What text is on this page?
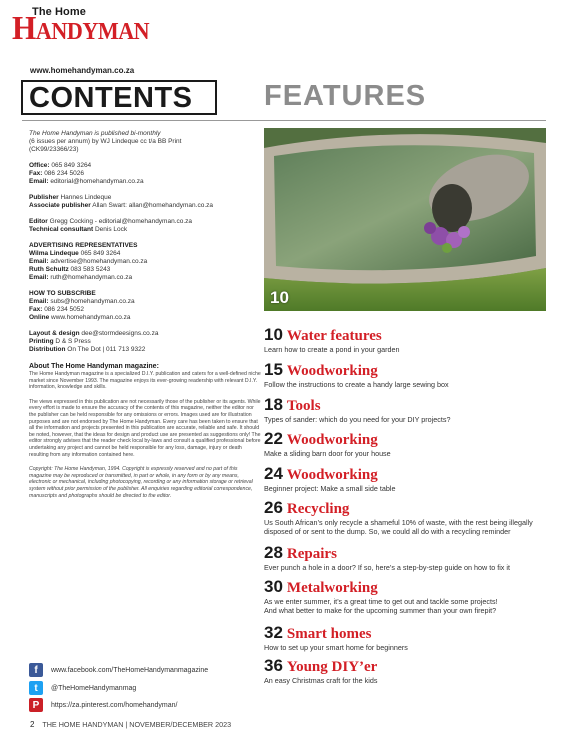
The Home
HANDYMAN
www.homehandyman.co.za
CONTENTS FEATURES

The Home Handyman is published bi-monthly

(6 issues per annum) by WJ Lindeque cc t/a BB Print

(CK99/23366/23)

Office: 065 849 3264

Fax: 086 234 5026

Email: editorial@homehandyman.co.za

Publisher Hannes Lindeque

Associate publisher Allan Swart: allan@homehandyman.co.za

Editor Gregg Cocking - editorial@homehandyman.co.za

Technical consultant Denis Lock

ADVERTISING REPRESENTATIVES

Wilma Lindeque 065 849 3264

Email: advertise@homehandyman.co.za

Ruth Schultz 083 583 5243

Email: ruth@homehandyman.co.za

HOW TO SUBSCRIBE

Email: subs@homehandyman.co.za

Fax: 086 234 5052

Online www.homehandyman.co.za

Layout & design dee@stormdeesigns.co.za

Printing D & S Press

Distribution On The Dot | 011 713 9322

About The Home Handyman magazine:

The Home Handyman magazine is a specialized D.I.Y. publication and caters for a well-defined niche market since November 1993. The magazine enjoys its ever-growing readership with relevant D.I.Y. information, knowledge and skills.

The views expressed in this publication are not necessarily those of the publisher or its agents. While every effort is made to ensure the accuracy of the contents of this magazine, neither the editor nor the publisher can be held responsible for any omissions or errors. Images used are for illustration purposes and are not endorsed by The Home Handyman. Every care has been taken to ensure that all the information and projects presented in this publication are accurate, reliable and safe. It should be noted, however, that the ideas for design and product use are presented as suggestions only! The editor strongly advises that the reader check local by-laws and consult a qualified professional before undertaking any project and cannot be held responsible for any loss, damage, injury or death resulting from any information contained here.

Copyright: The Home Handyman, 1994. Copyright is expressly reserved and no part of this magazine may be reproduced or transmitted, in part or whole, in any form or by any means, electronic or mechanical, including photocopying, recording or any information storage or retrieval system without prior permission of the publisher. All enquiries regarding editorial correspondence, manuscripts and photographs should be directed to the editor.

10
10 Water features
Learn how to create a pond in your garden
15 Woodworking
Follow the instructions to create a handy large sewing box
18 Tools
Types of sander: which do you need for your DIY projects?
22 Woodworking
Make a sliding barn door for your house
24 Woodworking
Beginner project: Make a small side table
26 Recycling
Us South African’s only recycle a shameful 10% of waste, with the rest being illegally
disposed of or sent to the dump. So, we could all do with a recycling reminder
28 Repairs
Ever punch a hole in a door? If so, here’s a step-by-step guide on how to fix it
30 Metalworking
As we enter summer, it’s a great time to get out and tackle some projects!
And what better to make for the upcoming summer than your own firepit?
32 Smart homes
How to set up your smart home for beginners
36 Young DIY’er
An easy Christmas craft for the kids
f	www.facebook.com/TheHomeHandymanmagazine
t	@TheHomeHandymanmag
P	https://za.pinterest.com/homehandyman/
2 THE HOME HANDYMAN | NOVEMBER/DECEMBER 2023
